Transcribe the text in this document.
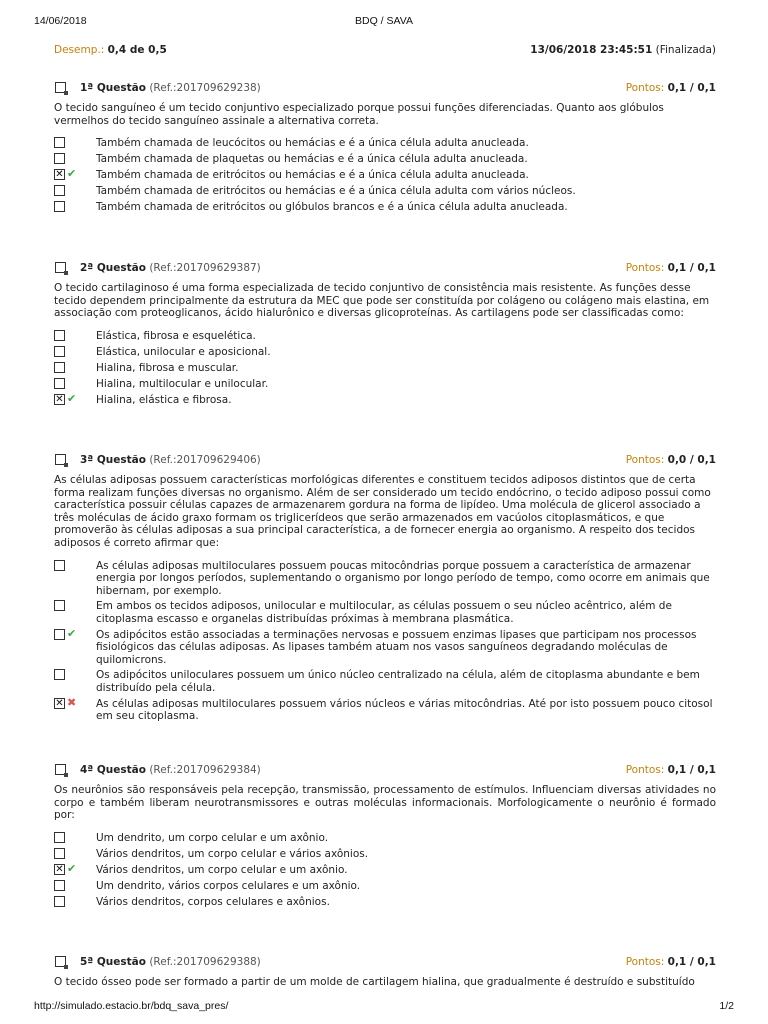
14/06/2018	BDQ / SAVA
Desemp.: 0,4 de 0,5	13/06/2018 23:45:51 (Finalizada)
1ª Questão (Ref.:201709629238)	Pontos: 0,1 / 0,1
O tecido sanguíneo é um tecido conjuntivo especializado porque possui funções diferenciadas. Quanto aos glóbulos vermelhos do tecido sanguíneo assinale a alternativa correta.
Também chamada de leucócitos ou hemácias e é a única célula adulta anucleada.
Também chamada de plaquetas ou hemácias e é a única célula adulta anucleada.
✕ ✔ Também chamada de eritrócitos ou hemácias e é a única célula adulta anucleada.
Também chamada de eritrócitos ou hemácias e é a única célula adulta com vários núcleos.
Também chamada de eritrócitos ou glóbulos brancos e é a única célula adulta anucleada.
2ª Questão (Ref.:201709629387)	Pontos: 0,1 / 0,1
O tecido cartilaginoso é uma forma especializada de tecido conjuntivo de consistência mais resistente. As funções desse tecido dependem principalmente da estrutura da MEC que pode ser constituída por colágeno ou colágeno mais elastina, em associação com proteoglicanos, ácido hialurônico e diversas glicoproteínas. As cartilagens pode ser classificadas como:
Elástica, fibrosa e esquelética.
Elástica, unilocular e aposicional.
Hialina, fibrosa e muscular.
Hialina, multilocular e unilocular.
✕ ✔ Hialina, elástica e fibrosa.
3ª Questão (Ref.:201709629406)	Pontos: 0,0 / 0,1
As células adiposas possuem características morfológicas diferentes e constituem tecidos adiposos distintos que de certa forma realizam funções diversas no organismo. Além de ser considerado um tecido endócrino, o tecido adiposo possui como característica possuir células capazes de armazenarem gordura na forma de lipídeo. Uma molécula de glicerol associado a três moléculas de ácido graxo formam os triglicerídeos que serão armazenados em vacúolos citoplasmáticos, e que promoverão às células adiposas a sua principal característica, a de fornecer energia ao organismo. A respeito dos tecidos adiposos é correto afirmar que:
As células adiposas multiloculares possuem poucas mitocôndrias porque possuem a característica de armazenar energia por longos períodos, suplementando o organismo por longo período de tempo, como ocorre em animais que hibernam, por exemplo.
Em ambos os tecidos adiposos, unilocular e multilocular, as células possuem o seu núcleo acêntrico, além de citoplasma escasso e organelas distribuídas próximas à membrana plasmática.
✔ Os adipócitos estão associadas a terminações nervosas e possuem enzimas lipases que participam nos processos fisiológicos das células adiposas. As lipases também atuam nos vasos sanguíneos degradando moléculas de quilomicrons.
Os adipócitos uniloculares possuem um único núcleo centralizado na célula, além de citoplasma abundante e bem distribuído pela célula.
✕ ✖ As células adiposas multiloculares possuem vários núcleos e várias mitocôndrias. Até por isto possuem pouco citosol em seu citoplasma.
4ª Questão (Ref.:201709629384)	Pontos: 0,1 / 0,1
Os neurônios são responsáveis pela recepção, transmissão, processamento de estímulos. Influenciam diversas atividades no corpo e também liberam neurotransmissores e outras moléculas informacionais. Morfologicamente o neurônio é formado por:
Um dendrito, um corpo celular e um axônio.
Vários dendritos, um corpo celular e vários axônios.
✕ ✔ Vários dendritos, um corpo celular e um axônio.
Um dendrito, vários corpos celulares e um axônio.
Vários dendritos, corpos celulares e axônios.
5ª Questão (Ref.:201709629388)	Pontos: 0,1 / 0,1
O tecido ósseo pode ser formado a partir de um molde de cartilagem hialina, que gradualmente é destruído e substituído
http://simulado.estacio.br/bdq_sava_pres/	1/2
